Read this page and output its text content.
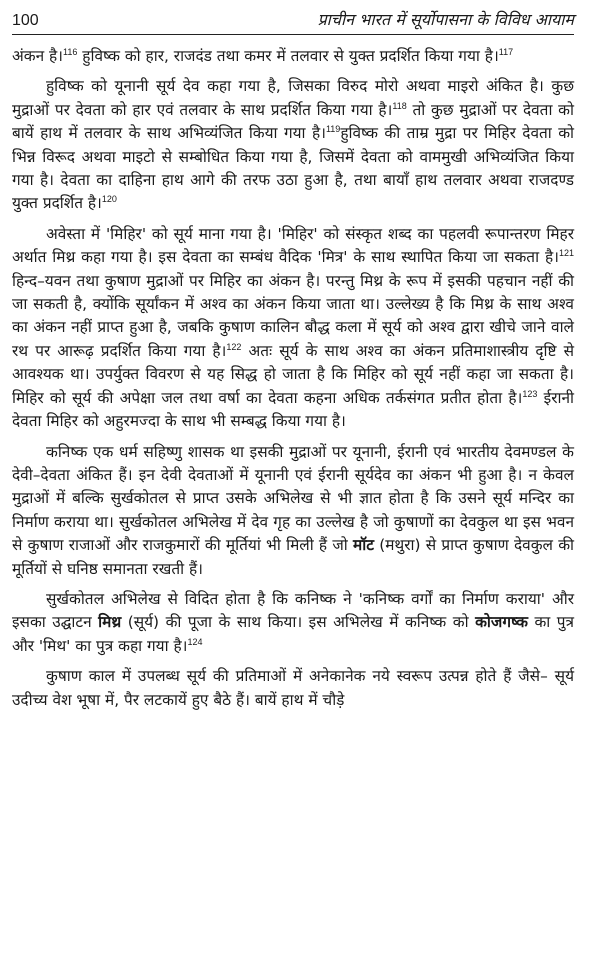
100	प्राचीन भारत में सूर्योपासना के विविध आयाम

अंकन है।$^{116}$ हुविष्क को हार, राजदंड तथा कमर में तलवार से युक्त प्रदर्शित किया गया है।$^{117}$

हुविष्क को यूनानी सूर्य देव कहा गया है, जिसका विरुद मोरो अथवा माइरो अंकित है। कुछ मुद्राओं पर देवता को हार एवं तलवार के साथ प्रदर्शित किया गया है।$^{118}$ तो कुछ मुद्राओं पर देवता को बायें हाथ में तलवार के साथ अभिव्यंजित किया गया है।$^{119}$हुविष्क की ताम्र मुद्रा पर मिहिर देवता को भिन्न विरूद अथवा माइटो से सम्बोधित किया गया है, जिसमें देवता को वाममुखी अभिव्यंजित किया गया है। देवता का दाहिना हाथ आगे की तरफ उठा हुआ है, तथा बायाँ हाथ तलवार अथवा राजदण्ड युक्त प्रदर्शित है।$^{120}$

अवेस्ता में 'मिहिर' को सूर्य माना गया है। 'मिहिर' को संस्कृत शब्द का पहलवी रूपान्तरण मिहर अर्थात मिथ्र कहा गया है। इस देवता का सम्बंध वैदिक 'मित्र' के साथ स्थापित किया जा सकता है।$^{121}$ हिन्द–यवन तथा कुषाण मुद्राओं पर मिहिर का अंकन है। परन्तु मिथ्र के रूप में इसकी पहचान नहीं की जा सकती है, क्योंकि सूर्यांकन में अश्व का अंकन किया जाता था। उल्लेख्य है कि मिथ्र के साथ अश्व का अंकन नहीं प्राप्त हुआ है, जबकि कुषाण कालिन बौद्ध कला में सूर्य को अश्व द्वारा खीचे जाने वाले रथ पर आरूढ़ प्रदर्शित किया गया है।$^{122}$ अतः सूर्य के साथ अश्व का अंकन प्रतिमाशास्त्रीय दृष्टि से आवश्यक था। उपर्युक्त विवरण से यह सिद्ध हो जाता है कि मिहिर को सूर्य नहीं कहा जा सकता है। मिहिर को सूर्य की अपेक्षा जल तथा वर्षा का देवता कहना अधिक तर्कसंगत प्रतीत होता है।$^{123}$ ईरानी देवता मिहिर को अहुरमज्दा के साथ भी सम्बद्ध किया गया है।

कनिष्क एक धर्म सहिष्णु शासक था इसकी मुद्राओं पर यूनानी, ईरानी एवं भारतीय देवमण्डल के देवी–देवता अंकित हैं। इन देवी देवताओं में यूनानी एवं ईरानी सूर्यदेव का अंकन भी हुआ है। न केवल मुद्राओं में बल्कि सुर्खकोतल से प्राप्त उसके अभिलेख से भी ज्ञात होता है कि उसने सूर्य मन्दिर का निर्माण कराया था। सुर्खकोतल अभिलेख में देव गृह का उल्लेख है जो कुषाणों का देवकुल था इस भवन से कुषाण राजाओं और राजकुमारों की मूर्तियां भी मिली हैं जो मॉट (मथुरा) से प्राप्त कुषाण देवकुल की मूर्तियों से घनिष्ठ समानता रखती हैं।

सुर्खकोतल अभिलेख से विदित होता है कि कनिष्क ने 'कनिष्क वर्गों का निर्माण कराया' और इसका उद्घाटन मिथ्र (सूर्य) की पूजा के साथ किया। इस अभिलेख में कनिष्क को कोजगष्क का पुत्र और 'मिथ' का पुत्र कहा गया है।$^{124}$

कुषाण काल में उपलब्ध सूर्य की प्रतिमाओं में अनेकानेक नये स्वरूप उत्पन्न होते हैं जैसे– सूर्य उदीच्य वेश भूषा में, पैर लटकायें हुए बैठे हैं। बायें हाथ में चौड़े
